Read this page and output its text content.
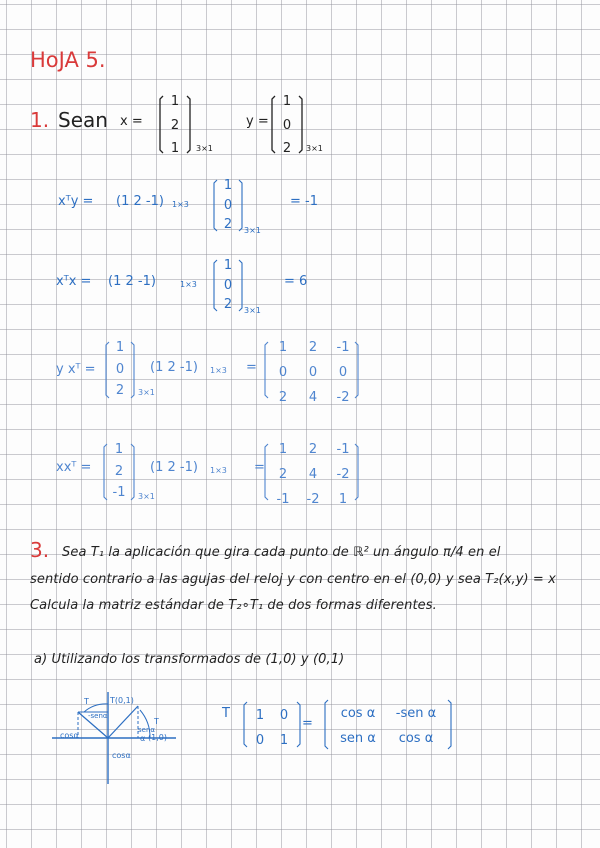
HoJA 5.
1. Sean x =
1
2
1 3×1
y =
1
0
2 3×1
xᵀy = (1 2 -1) 1×3
1
0
2 3×1
= -1
xᵀx = (1 2 -1)	1×3
1
0
2 3×1
= 6
y xᵀ =
1
0
2 3×1
(1 2 -1) 1×3 =
1	2	-1
0	0	0
2	4	-2
xxᵀ =
1
2
-1 3×1
(1 2 -1) 1×3 =
1	2	-1
2	4	-2
-1	-2	1
3. Sea T₁ la aplicación que gira cada punto de ℝ² un ángulo π/4 en el
sentido contrario a las agujas del reloj y con centro en el (0,0) y sea T₂(x,y) = x
Calcula la matriz estándar de T₂∘T₁ de dos formas diferentes.
a) Utilizando los transformados de (1,0) y (0,1)
T(0,1)
T
-senα
cosα
T
senα
α (1,0)
cosα
T	1	0
0	1
=
cos α	-sen α
sen α	cos α
